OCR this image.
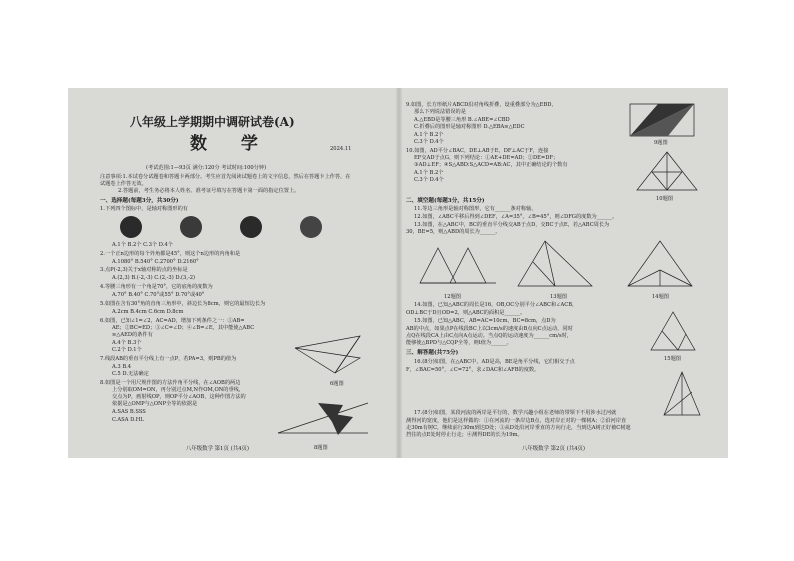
八年级上学期期中调研试卷(A)
数 学	2024.11
(考试范围:1—93页 满分:120分 考试时间:100分钟)
注意事项:1.本试卷分试题卷和答题卡两部分。考生应首先阅读试题卷上的文字信息，然后在答题卡上作答，在
试题卷上作答无效。
2.答题前，考生务必将本人姓名、准考证号填写在答题卡第一面的指定位置上。
一、选择题(每题3分，共30分)
1.下列四个图标中，是轴对称图形的有
A.1个 B.2个 C.3个 D.4个
2.一个正n边形的每个外角都是45°，则这个n边形的内角和是
A.1080° B.540° C.2700° D.2160°
3.点P(-2,3)关于x轴对称的点的坐标是
A.(2,3) B.(-2,-3) C.(2,-3) D.(3,-2)
4.等腰三角形有一个角是70°，它的底角的度数为
A.70° B.40° C.70°或55° D.70°或40°
5.如图在含有30°角的直角三角形中，斜边长为8cm，则它的最短边长为
A.2cm B.4cm C.6cm D.8cm
6.如图，已知∠1=∠2，AC=AD，增加下列条件之一：①AB=
AE；②BC=ED；③∠C=∠D；④∠B=∠E，其中能使△ABC
≌△AED的条件有
A.4个 B.3个
C.2个 D.1个
7.线段AB的垂直平分线上有一点P，若PA=3，则PB的值为
A.3 B.4
C.5 D.无法确定
8.如图是一个用尺规作图的方法作角平分线，在∠AOB的两边
上分别取OM=ON，再分别过点M,N作OM,ON的垂线，
交点为P，画射线OP，则OP平分∠AOB，这种作图方法的
依据是△OMP与△ONP全等的依据是
A.SAS B.SSS
C.ASA D.HL
6题图
8题图
八年级数学 第1页 (共4页)
9.如图，长方形纸片ABCD沿对角线折叠，设重叠部分为△EBD，
那么下列说法错误的是
A.△EBD是等腰三角形 B.∠ABE=∠CBD
C.折叠后的图形是轴对称图形 D.△EBA≌△EDC
A.1个 B.2个
C.3个 D.4个	9题图
10.如图，AD平分∠BAC，DE⊥AB于E，DF⊥AC于F，连接
EF交AD于点G，则下列结论：①AE+DE=AD；②DE=DF；
③AD⊥EF；④S△ABD:S△ACD=AB:AC，其中正确结论的个数有
A.1个 B.2个
C.3个 D.4个
10题图
二、填空题(每题3分，共15分)
11.等边三角形是轴对称图形，它有______条对称轴。
12.如图，∠ABC平移后得到∠DEF，∠A=35°，∠B=45°，则∠DFG的度数为______。
13.如图，在△ABC中，BC的垂直平分线交AB于点D，交BC于点E，若△ABC周长为
30，BE=5，则△ABD的周长为______。
12题图	13题图	14题图
14.如图，已知△ABC的周长是16，OB,OC分别平分∠ABC和∠ACB，
OD⊥BC于D且OD=2，则△ABC的面积是______。
15.如图，已知△ABC，AB=AC=10cm，BC=8cm，点D为
AB的中点，如果点P在线段BC上以3cm/s的速度由B点向C点运动，同时
点Q在线段CA上由C点向A点运动。当点Q的运动速度为______cm/s时，
能够使△BPD与△CQP全等，则t值为______。
15题图
三、解答题(共75分)
16.(8分)如图，在△ABC中，AD是高，BE是角平分线，它们相交于点
F，∠BAC=50°，∠C=72°，求∠DAC和∠AFB的度数。
17.(8分)如图，某段河流的两岸是平行的，数学兴趣小组在老师的带领下不用涉水过河就
测得河的宽度，他们是这样做的：①在河流的一条岸边B点，选对岸正对的一棵树A；②沿河岸直
走30m有树C，继续前行30m到达D处；③从D处沿河岸垂直的方向行走，当到达A树正好被C树遮
挡住的点E处时停止行走；④测得DE的长为19m。
八年级数学 第2页 (共4页)
